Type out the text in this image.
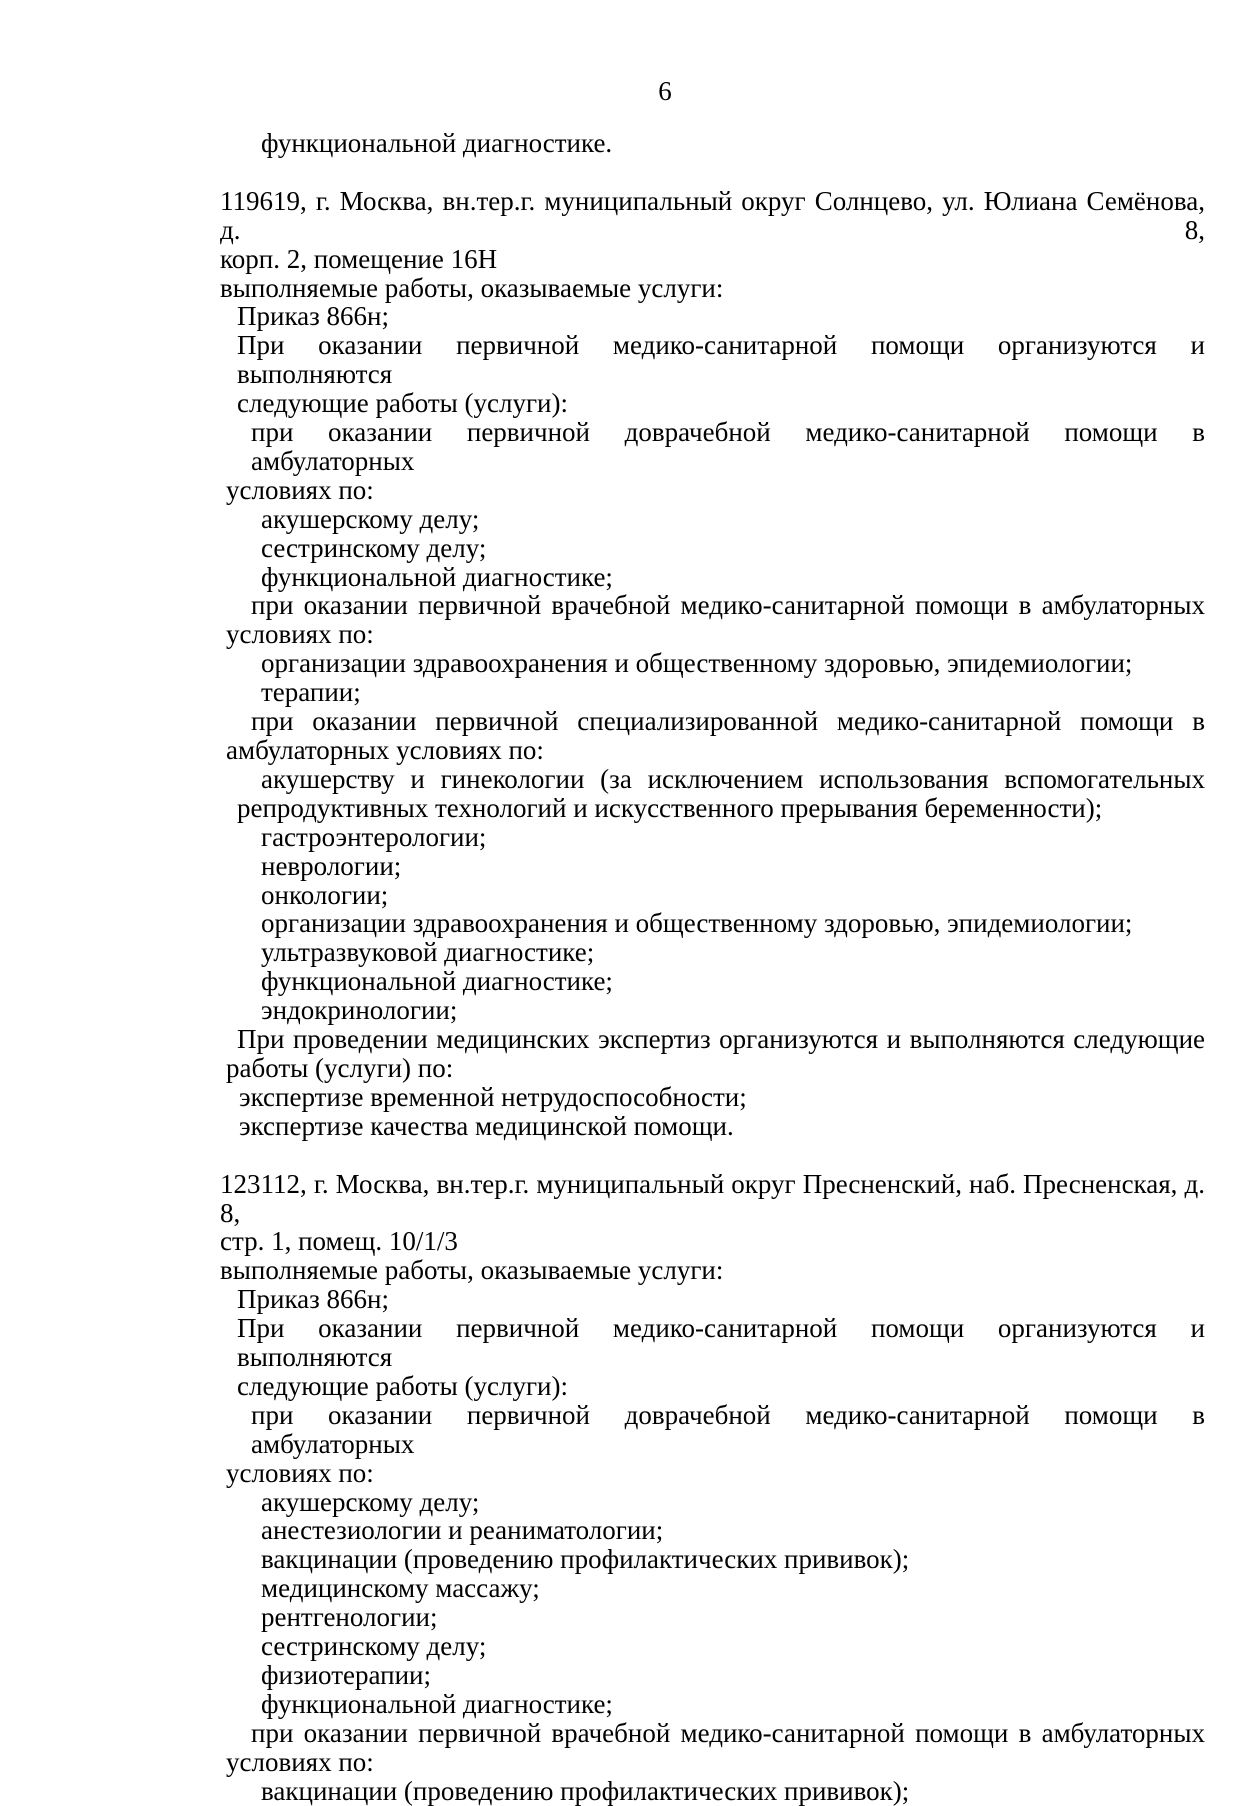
6
функциональной диагностике.
119619, г. Москва, вн.тер.г. муниципальный округ Солнцево, ул. Юлиана Семёнова, д. 8,
корп. 2, помещение 16Н
выполняемые работы, оказываемые услуги:
Приказ 866н;
При оказании первичной медико-санитарной помощи организуются и выполняются
следующие работы (услуги):
при оказании первичной доврачебной медико-санитарной помощи в амбулаторных
условиях по:
акушерскому делу;
сестринскому делу;
функциональной диагностике;
при оказании первичной врачебной медико-санитарной помощи в амбулаторных
условиях по:
организации здравоохранения и общественному здоровью, эпидемиологии;
терапии;
при оказании первичной специализированной медико-санитарной помощи в
амбулаторных условиях по:
акушерству и гинекологии (за исключением использования вспомогательных
репродуктивных технологий и искусственного прерывания беременности);
гастроэнтерологии;
неврологии;
онкологии;
организации здравоохранения и общественному здоровью, эпидемиологии;
ультразвуковой диагностике;
функциональной диагностике;
эндокринологии;
При проведении медицинских экспертиз организуются и выполняются следующие
работы (услуги) по:
экспертизе временной нетрудоспособности;
экспертизе качества медицинской помощи.
123112, г. Москва, вн.тер.г. муниципальный округ Пресненский, наб. Пресненская, д. 8,
стр. 1, помещ. 10/1/3
выполняемые работы, оказываемые услуги:
Приказ 866н;
При оказании первичной медико-санитарной помощи организуются и выполняются
следующие работы (услуги):
при оказании первичной доврачебной медико-санитарной помощи в амбулаторных
условиях по:
акушерскому делу;
анестезиологии и реаниматологии;
вакцинации (проведению профилактических прививок);
медицинскому массажу;
рентгенологии;
сестринскому делу;
физиотерапии;
функциональной диагностике;
при оказании первичной врачебной медико-санитарной помощи в амбулаторных
условиях по:
вакцинации (проведению профилактических прививок);
